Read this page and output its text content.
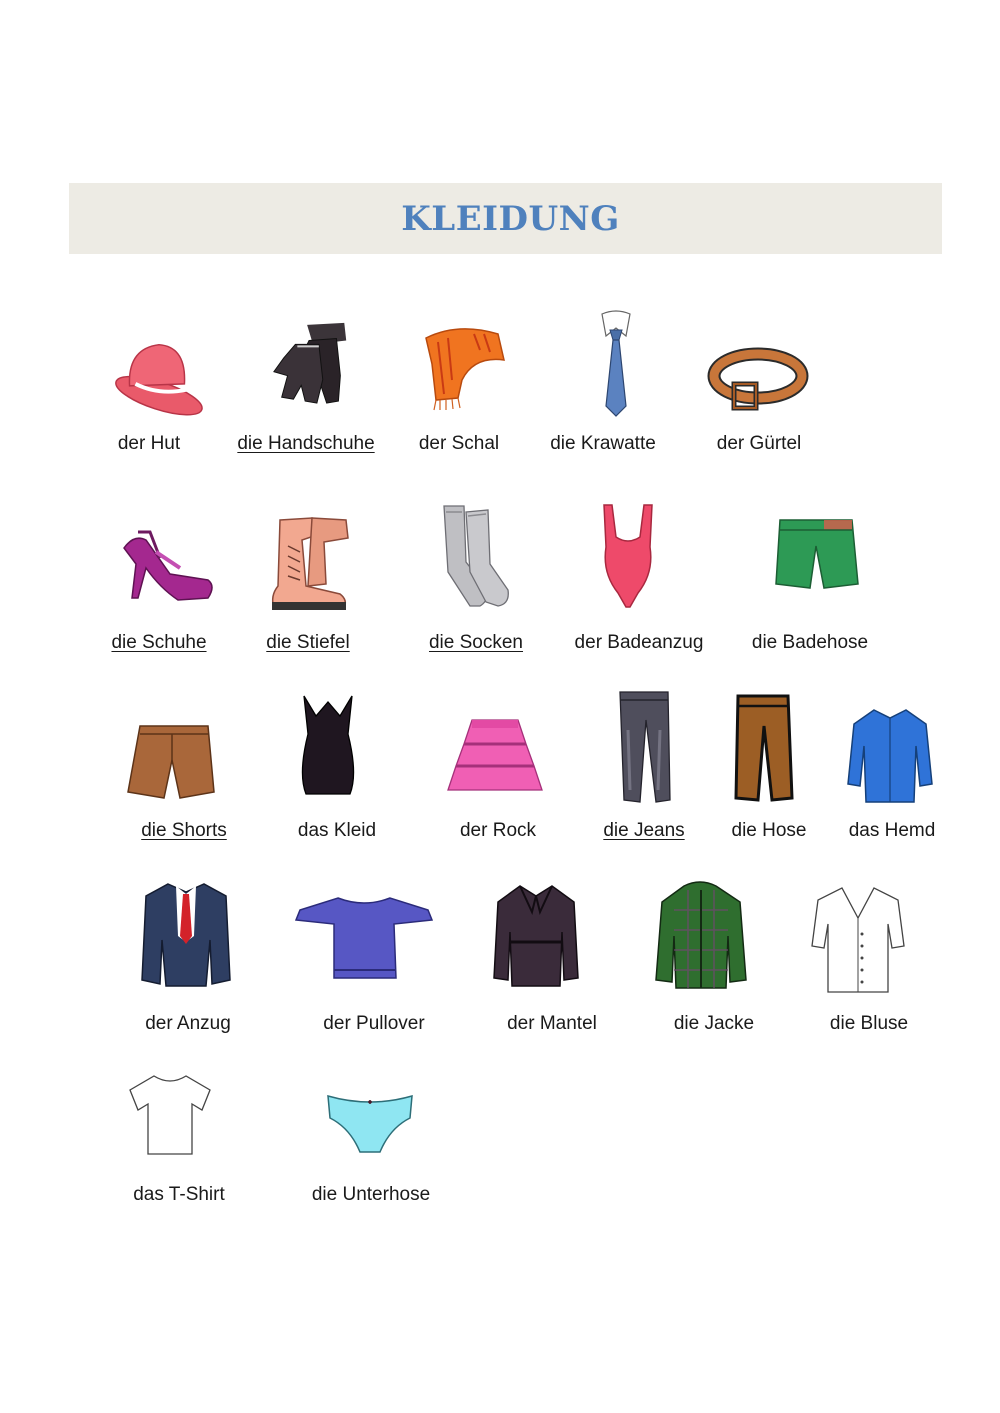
KLEIDUNG
der Hut	die Handschuhe der Schal	die Krawatte	der Gürtel
die Schuhe	die Stiefel	die Socken	der Badeanzug	die Badehose
die Shorts	das Kleid	der Rock	die Jeans die Hose das Hemd
der Anzug	der Pullover	der Mantel	die Jacke	die Bluse
das T-Shirt	die Unterhose
